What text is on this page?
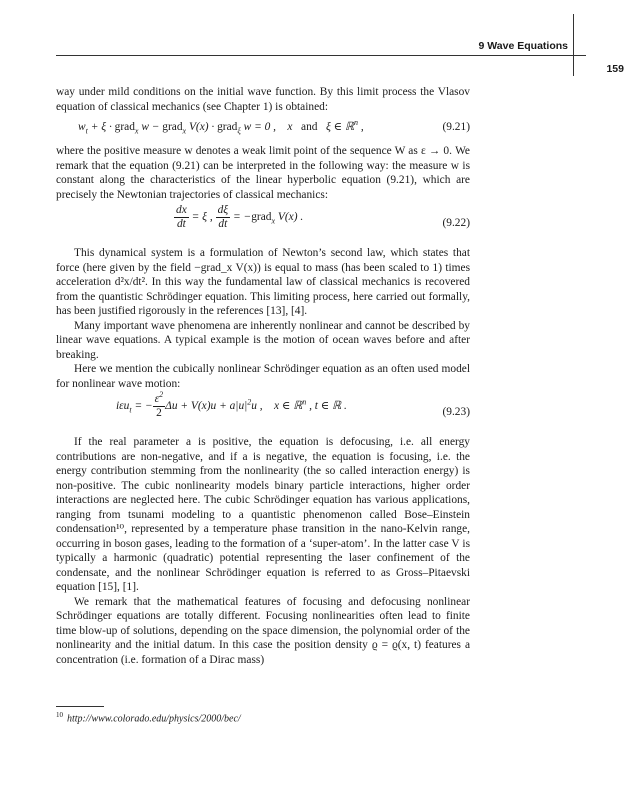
9 Wave Equations
159

way under mild conditions on the initial wave function. By this limit process the Vlasov equation of classical mechanics (see Chapter 1) is obtained:

$w_t + \xi$ · grad$_x$ w − grad$_x$ V(x) · grad$_\xi$ w = 0 ,    x   and   ξ ∈ ℝ$^n$ ,	(9.21)

where the positive measure w denotes a weak limit point of the sequence W as ε → 0. We remark that the equation (9.21) can be interpreted in the following way: the measure w is constant along the characteristics of the linear hyperbolic equation (9.21), which are precisely the Newtonian trajectories of classical mechanics:

$\frac{dx}{dt} = \xi$ , $\frac{d\xi}{dt}$ = −grad$_x$ V(x) .	(9.22)

This dynamical system is a formulation of Newton’s second law, which states that force (here given by the field −grad_x V(x)) is equal to mass (has been scaled to 1) times acceleration d²x/dt². In this way the fundamental law of classical mechanics is recovered from the quantistic Schrödinger equation. This limiting process, here carried out formally, has been justified rigorously in the references [13], [4].

Many important wave phenomena are inherently nonlinear and cannot be described by linear wave equations. A typical example is the motion of ocean waves before and after breaking.

Here we mention the cubically nonlinear Schrödinger equation as an often used model for nonlinear wave motion:

iεu$_t$ = − $\frac{\varepsilon^2}{2}$ $\Delta u + V(x)u + a|u|^2u$ ,    x ∈ ℝ$^n$ , t ∈ ℝ .	(9.23)

If the real parameter a is positive, the equation is defocusing, i.e. all energy contributions are non-negative, and if a is negative, the equation is focusing, i.e. the energy contribution stemming from the nonlinearity (the so called interaction energy) is non-positive. The cubic nonlinearity models binary particle interactions, higher order interactions are neglected here. The cubic Schrödinger equation has various applications, ranging from tsunami modeling to a quantistic phenomenon called Bose–Einstein condensation¹⁰, represented by a temperature phase transition in the nano-Kelvin range, occurring in boson gases, leading to the formation of a ‘super-atom’. In the latter case V is typically a harmonic (quadratic) potential representing the laser confinement of the condensate, and the nonlinear Schrödinger equation is referred to as Gross–Pitaevski equation [15], [1].

We remark that the mathematical features of focusing and defocusing nonlinear Schrödinger equations are totally different. Focusing nonlinearities often lead to finite time blow-up of solutions, depending on the space dimension, the polynomial order of the nonlinearity and the initial datum. In this case the position density ϱ = ϱ(x, t) features a concentration (i.e. formation of a Dirac mass)

$^{10}$ http://www.colorado.edu/physics/2000/bec/
